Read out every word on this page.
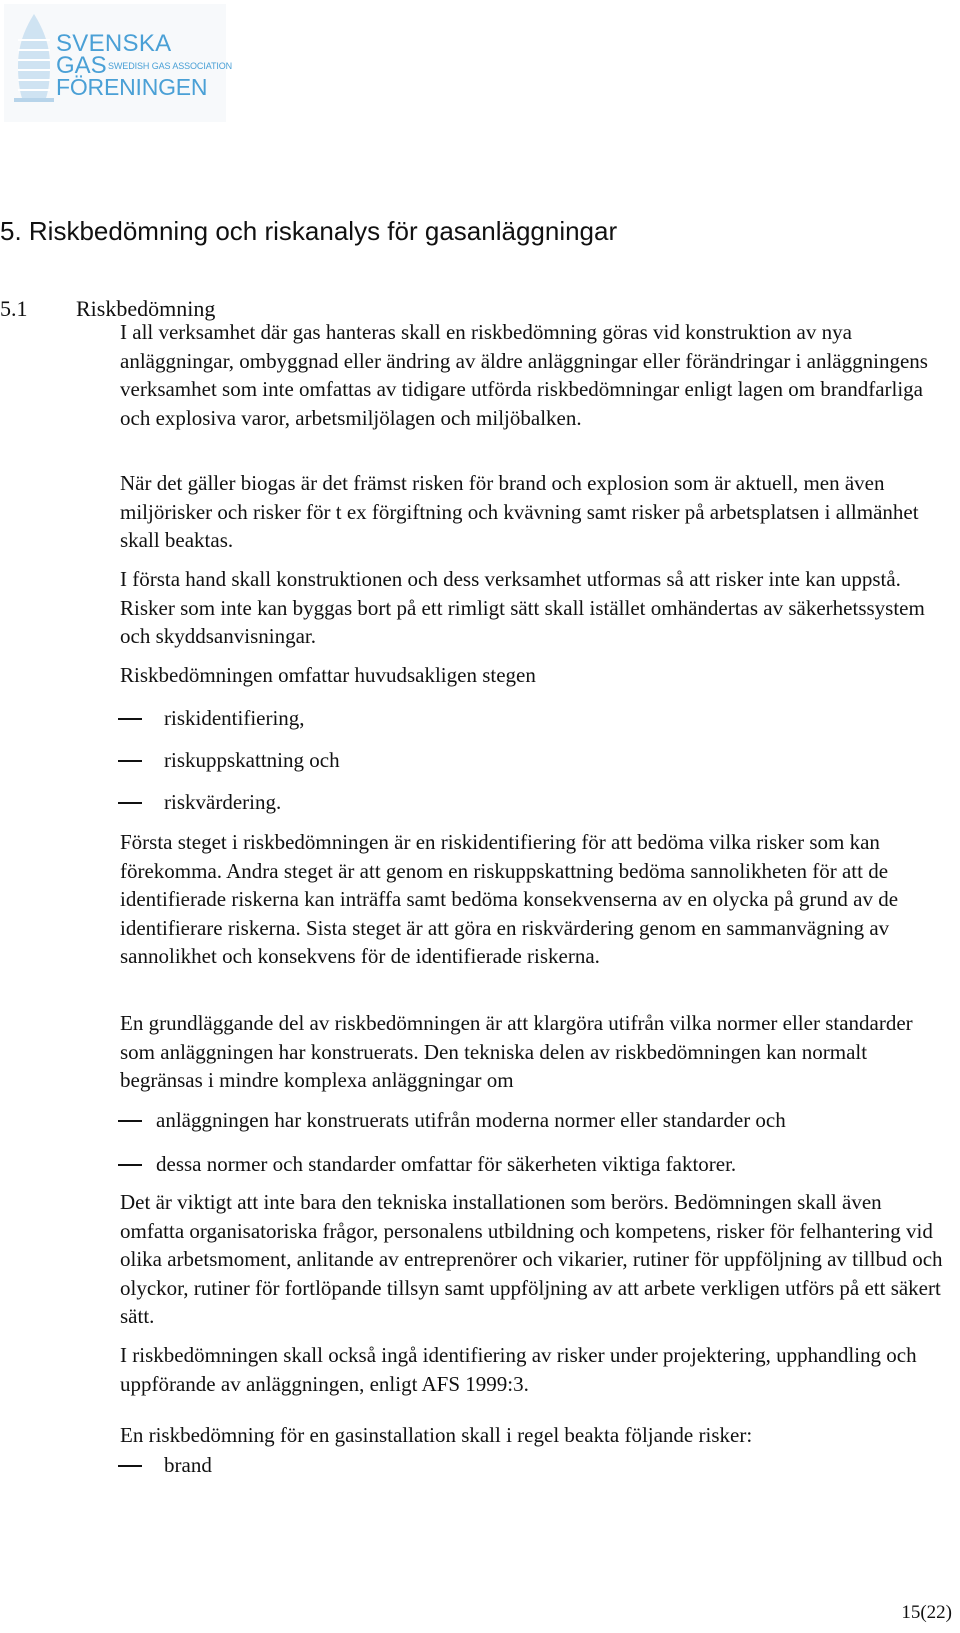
SVENSKA
GAS SWEDISH GAS ASSOCIATION
FÖRENINGEN
5. Riskbedömning och riskanalys för gasanläggningar
5.1 Riskbedömning

I all verksamhet där gas hanteras skall en riskbedömning göras vid konstruktion av nya anläggningar, ombyggnad eller ändring av äldre anläggningar eller förändringar i anläggningens verksamhet som inte omfattas av tidigare utförda riskbedömningar enligt lagen om brandfarliga och explosiva varor, arbetsmiljölagen och miljöbalken.

När det gäller biogas är det främst risken för brand och explosion som är aktuell, men även miljörisker och risker för t ex förgiftning och kvävning samt risker på arbetsplatsen i allmänhet skall beaktas.

I första hand skall konstruktionen och dess verksamhet utformas så att risker inte kan uppstå. Risker som inte kan byggas bort på ett rimligt sätt skall istället omhändertas av säkerhetssystem och skyddsanvisningar.

Riskbedömningen omfattar huvudsakligen stegen

riskidentifiering,
riskuppskattning och
riskvärdering.

Första steget i riskbedömningen är en riskidentifiering för att bedöma vilka risker som kan förekomma. Andra steget är att genom en riskuppskattning bedöma sannolikheten för att de identifierade riskerna kan inträffa samt bedöma konsekvenserna av en olycka på grund av de identifierare riskerna. Sista steget är att göra en riskvärdering genom en sammanvägning av sannolikhet och konsekvens för de identifierade riskerna.

En grundläggande del av riskbedömningen är att klargöra utifrån vilka normer eller standarder som anläggningen har konstruerats. Den tekniska delen av riskbedömningen kan normalt begränsas i mindre komplexa anläggningar om

anläggningen har konstruerats utifrån moderna normer eller standarder och
dessa normer och standarder omfattar för säkerheten viktiga faktorer.

Det är viktigt att inte bara den tekniska installationen som berörs. Bedömningen skall även omfatta organisatoriska frågor, personalens utbildning och kompetens, risker för felhantering vid olika arbetsmoment, anlitande av entreprenörer och vikarier, rutiner för uppföljning av tillbud och olyckor, rutiner för fortlöpande tillsyn samt uppföljning av att arbete verkligen utförs på ett säkert sätt.

I riskbedömningen skall också ingå identifiering av risker under projektering, upphandling och uppförande av anläggningen, enligt AFS 1999:3.

En riskbedömning för en gasinstallation skall i regel beakta följande risker:

brand
15(22)
